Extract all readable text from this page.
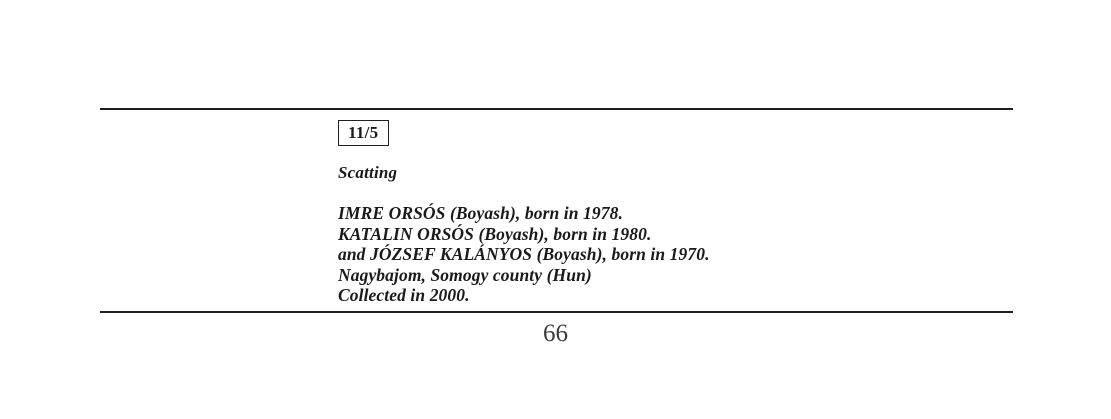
11/5
Scatting
IMRE ORSÓS (Boyash), born in 1978.
KATALIN ORSÓS (Boyash), born in 1980.
and JÓZSEF KALÁNYOS (Boyash), born in 1970.
Nagybajom, Somogy county (Hun)
Collected in 2000.
66
